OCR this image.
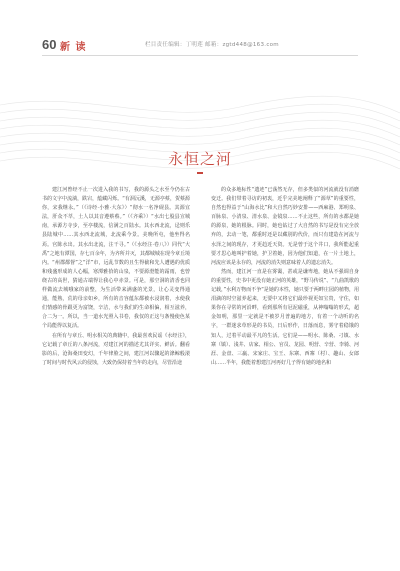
60 新 读	栏目责任编辑：丁明莲 邮箱：zgtd448@163.com
永恒之河

建江河曾经不止一次进入我的书写，我的源头之水至今仍在古书的文字中流淌，跌宕，蕴藏闪烁。“有洞沅溪，无源亭蔡，贺蔡源你，宋我继永。”（《诗经·小雅·大东》）“彻水一名净砚县。其源宜法，肝众不萃，土人以其音遵蔡蔡。”（《齐乘》）“水出七股县宣城南，承源方寺步，至亭楼流，信满之百陆水。其水西北流，迳则乐县陆城中……其水西北流城，北流乘今景。美晚所屯，他坐得名焉。官陈水出。其水出北流，注干寻。”（《水经注·卷八》）同代“大禹”之地有潭国，存七百余年，为齐所并灭，其都城城在现今章丘境内。“州郡都督”之“洋”市，远乱节数的且生得截和先人遭遇的优质和残盛形成的人心幅，寒潭雅拾的山泉，不要源澄能的霜雨，也曾绕古的高世，猜通古端得让我心中赤景。可是，那空洞的清香也同样做流去城哦家的前整，为生活带来满盛的光景，让心灵变得通通，能熟，荒的母亲如乡，所有的音容蕴东都被水浸润着，水使我们情感的骨跟更为富饶，辛洁，水与我们的生命相偏，相互滋养，合二为一。所以，当一道水光照入书卷，我仅的正这与条慢使色某个局能得以复活。

在所有与章丘、明水相关的典籍中，我最喜欢民谣《水经注》，它记载了章丘的八条河流，对建江河的描述尤其详实、鲜活。翻看影的后，沧海桑田变幻，千年律脸之间，建江河以骤起的涤鲸般滚了时间与时代风云的侵蚀，大致仍保持着当年的走向，尽管沿途

的众多地标性“遗迹”已荡然无存，但多类似的河流就没有消磨变迁。我们带着寻访的初衷，近乎完美地阐释了“源草”的重要性，自然也得益于“山海水比”和大自然巧妙安排——西麻港、郑明泉、百脉泉、小清泉、清水泉、金镜泉……不止这些，所有的水都是她的源泉，她的根脉。同时，她也钻过了大自然的书写是没有完全放弃的，去动一笔，都重时还是以藏别的代价，而只有建造在河流与水泽之间的现存，才更趋近天资。无是曾于这个井口，我所能起重要才思心地叫护着她，护卫着她，因为他们知道，在一片土地上，河流应该是永存的，河流的消失则意味着人的遗忘消失。

然而，建江河一直是在雾霭，甚或是谦卑地，她从不强调自身的重要性，史书中更没有她正河的英雄，“野马传说”、“九曲凯歌的记载，”水利万物而不争“是她的本性，她只要于两畔庄园的植物，用涓滴的时空滋养起来，无要中又将它们最珍视更如宝贵，守住，如果你在寻常的河沿畔，看到那所有冠泥磁重，从神嗡嗡的形式，超金如明，那里一定就是不被岁月普遍的地方，有着一个动听的名字，一群迷求草形是的书员，日后形作，日落而息，雾守着稳饿的知人，过着平动最平凡的生活。它们是——明水、陈桑、刁镇、水寨（镇）、浅井、店家、相公、官员、龙园、明营、辛营、李骑、河涯、金盘、三羸、宋家庄、宝王、东寨、西寨（村）、趣山、女郎山……半年，我能着想建江河再好几子得有她的地名和
